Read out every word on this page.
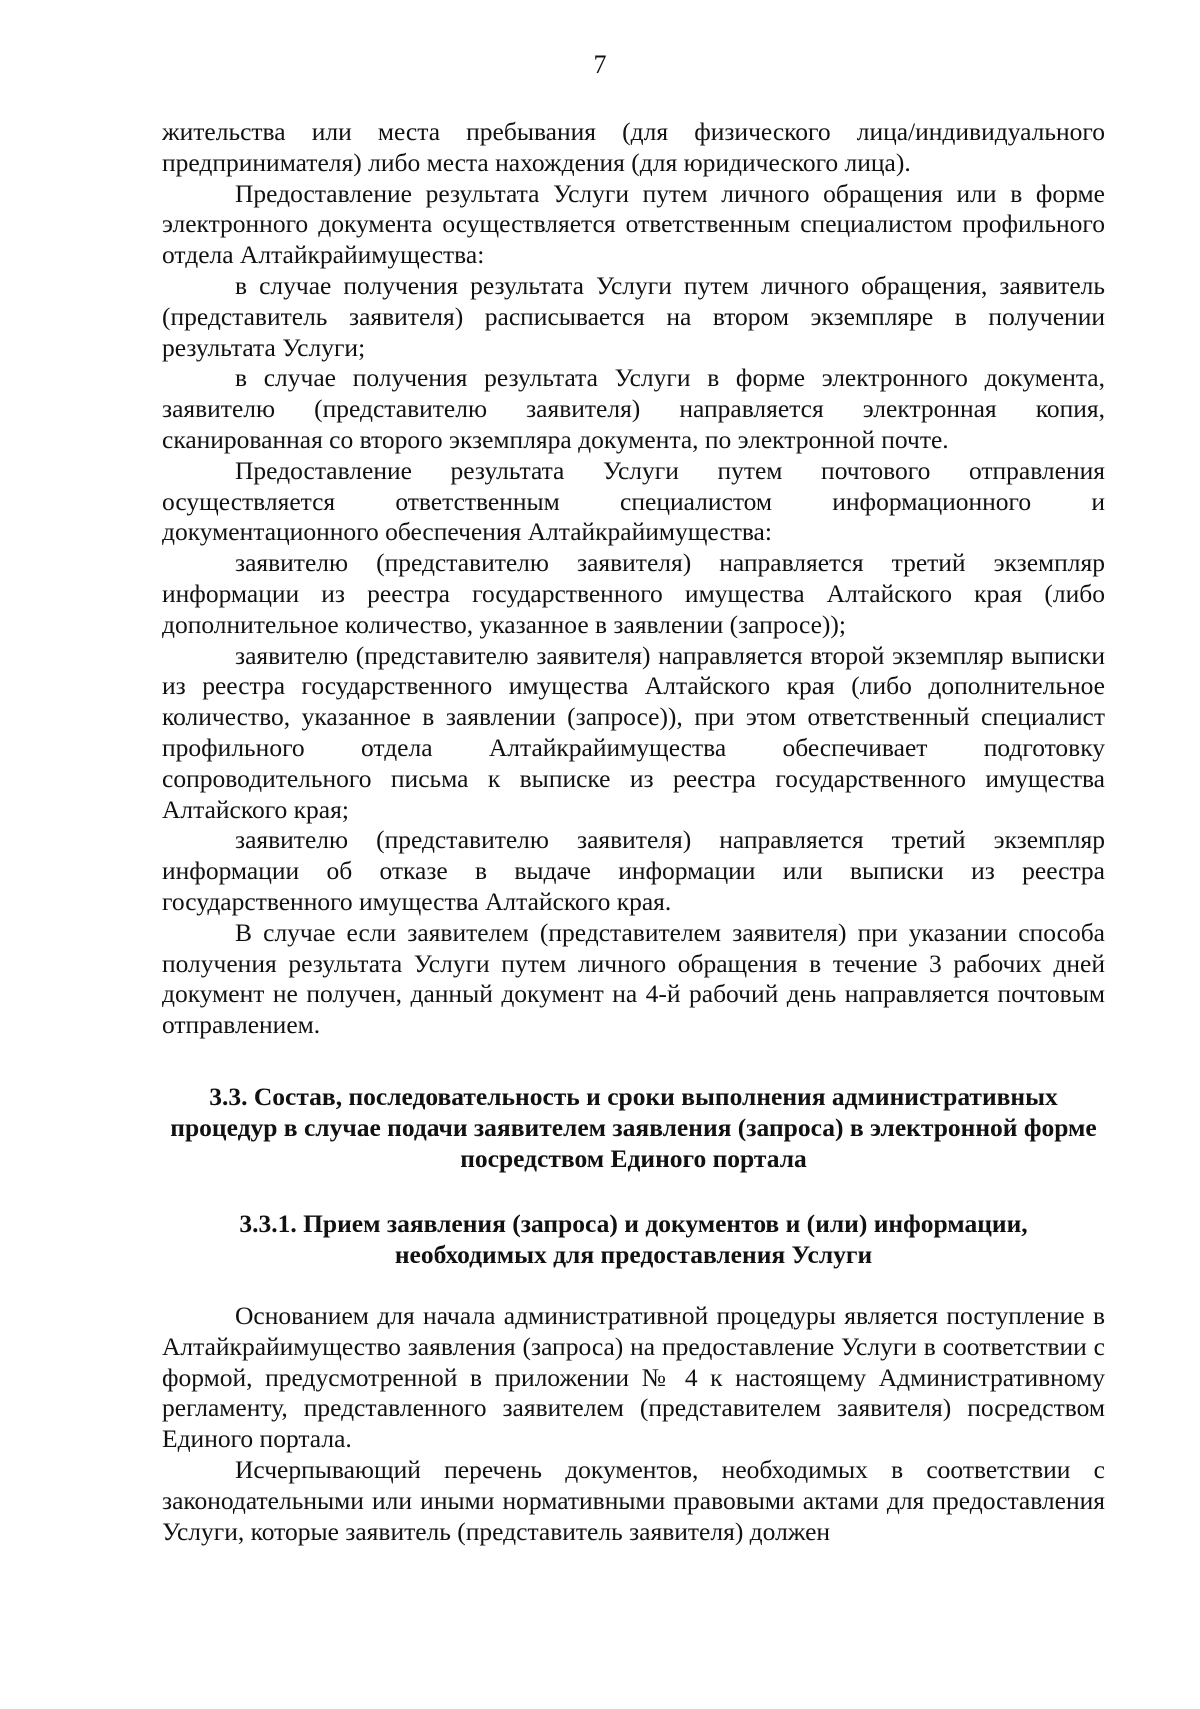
7

жительства или места пребывания (для физического лица/индивидуального предпринимателя) либо места нахождения (для юридического лица).

Предоставление результата Услуги путем личного обращения или в форме электронного документа осуществляется ответственным специалистом профильного отдела Алтайкрайимущества:

в случае получения результата Услуги путем личного обращения, заявитель (представитель заявителя) расписывается на втором экземпляре в получении результата Услуги;

в случае получения результата Услуги в форме электронного документа, заявителю (представителю заявителя) направляется электронная копия, сканированная со второго экземпляра документа, по электронной почте.

Предоставление результата Услуги путем почтового отправления осуществляется ответственным специалистом информационного и документационного обеспечения Алтайкрайимущества:

заявителю (представителю заявителя) направляется третий экземпляр информации из реестра государственного имущества Алтайского края (либо дополнительное количество, указанное в заявлении (запросе));

заявителю (представителю заявителя) направляется второй экземпляр выписки из реестра государственного имущества Алтайского края (либо дополнительное количество, указанное в заявлении (запросе)), при этом ответственный специалист профильного отдела Алтайкрайимущества обеспечивает подготовку сопроводительного письма к выписке из реестра государственного имущества Алтайского края;

заявителю (представителю заявителя) направляется третий экземпляр информации об отказе в выдаче информации или выписки из реестра государственного имущества Алтайского края.

В случае если заявителем (представителем заявителя) при указании способа получения результата Услуги путем личного обращения в течение 3 рабочих дней документ не получен, данный документ на 4-й рабочий день направляется почтовым отправлением.

3.3. Состав, последовательность и сроки выполнения административных процедур в случае подачи заявителем заявления (запроса) в электронной форме посредством Единого портала
3.3.1. Прием заявления (запроса) и документов и (или) информации, необходимых для предоставления Услуги

Основанием для начала административной процедуры является поступление в Алтайкрайимущество заявления (запроса) на предоставление Услуги в соответствии с формой, предусмотренной в приложении № 4 к настоящему Административному регламенту, представленного заявителем (представителем заявителя) посредством Единого портала.

Исчерпывающий перечень документов, необходимых в соответствии с законодательными или иными нормативными правовыми актами для предоставления Услуги, которые заявитель (представитель заявителя) должен
